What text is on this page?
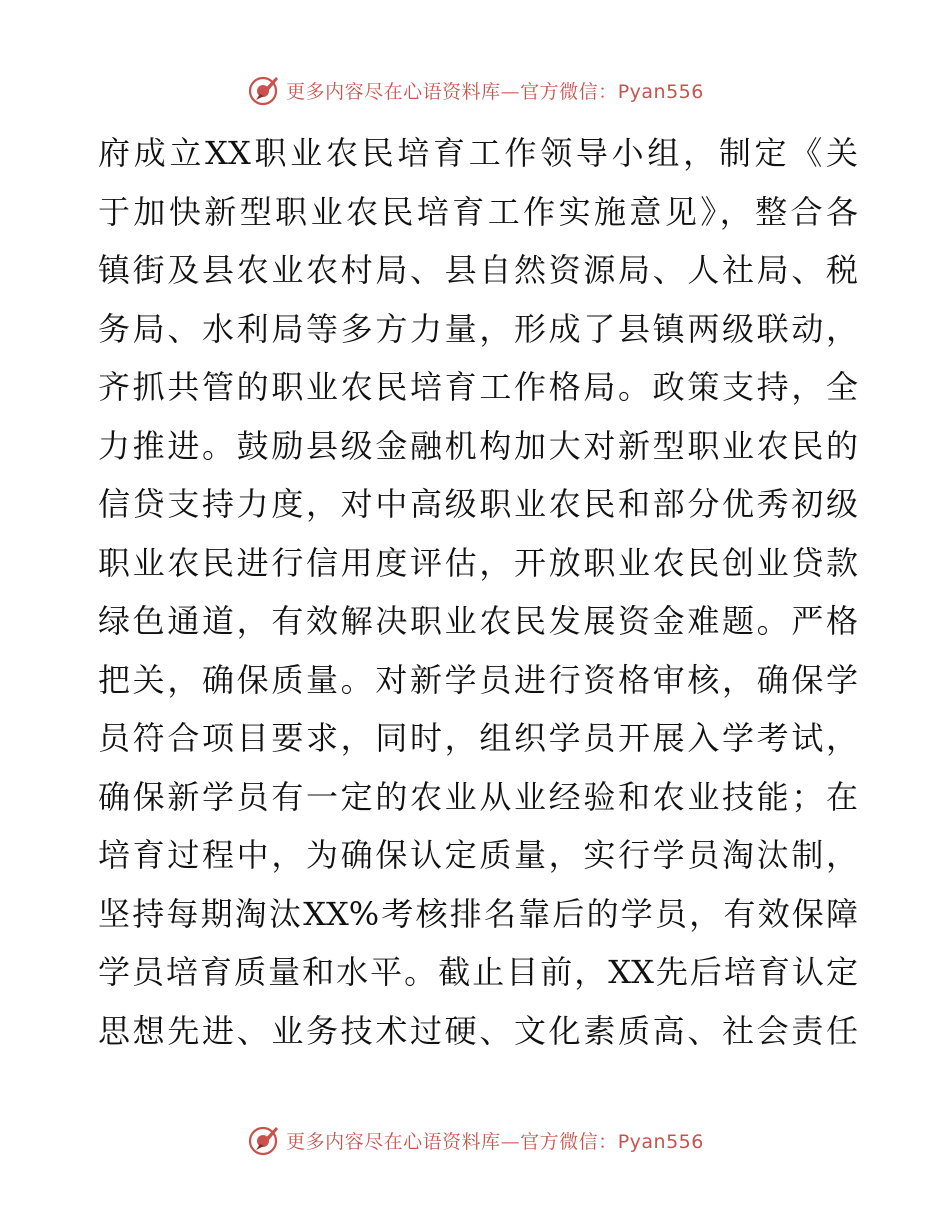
更多内容尽在心语资料库—官方微信：Pyan556
府成立XX职业农民培育工作领导小组，制定《关
于加快新型职业农民培育工作实施意见》，整合各
镇街及县农业农村局、县自然资源局、人社局、税
务局、水利局等多方力量，形成了县镇两级联动，
齐抓共管的职业农民培育工作格局。政策支持，全
力推进。鼓励县级金融机构加大对新型职业农民的
信贷支持力度，对中高级职业农民和部分优秀初级
职业农民进行信用度评估，开放职业农民创业贷款
绿色通道，有效解决职业农民发展资金难题。严格
把关，确保质量。对新学员进行资格审核，确保学
员符合项目要求，同时，组织学员开展入学考试，
确保新学员有一定的农业从业经验和农业技能；在
培育过程中，为确保认定质量，实行学员淘汰制，
坚持每期淘汰XX%考核排名靠后的学员，有效保障
学员培育质量和水平。截止目前，XX先后培育认定
思想先进、业务技术过硬、文化素质高、社会责任
更多内容尽在心语资料库—官方微信：Pyan556
